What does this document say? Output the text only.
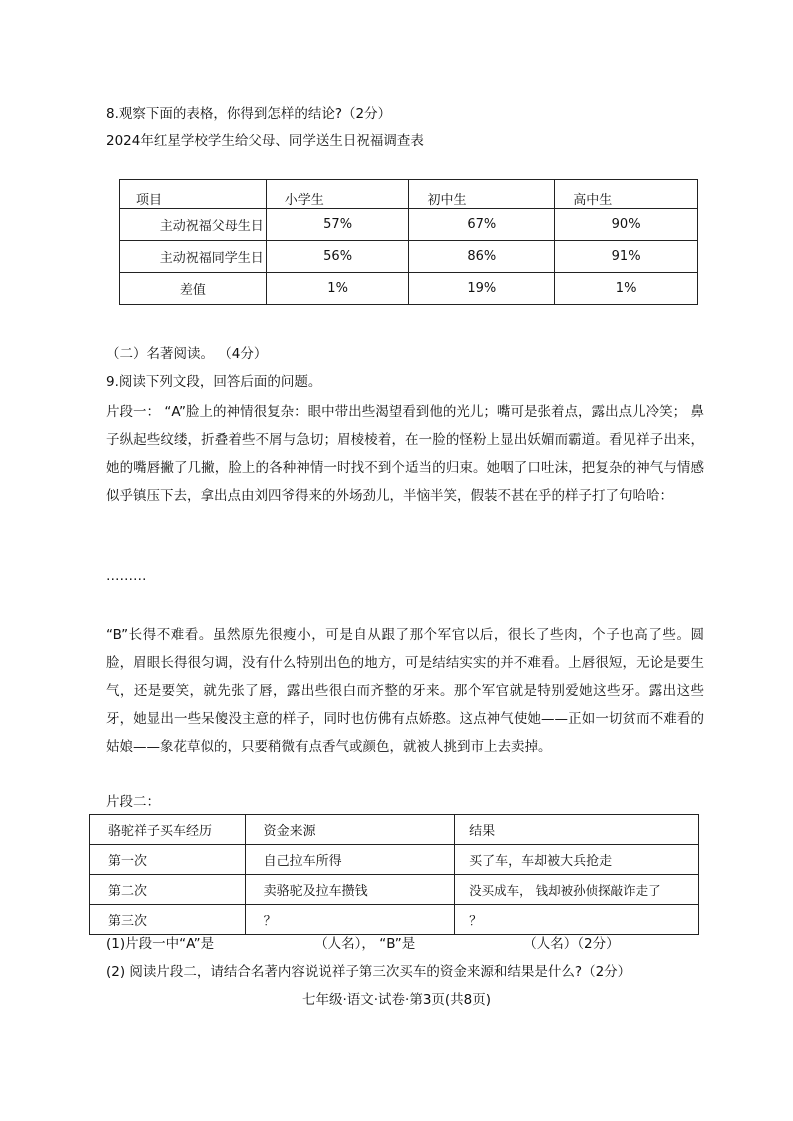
8.观察下面的表格，你得到怎样的结论?（2分）
2024年红星学校学生给父母、同学送生日祝福调查表
项目	小学生	初中生	高中生
主动祝福父母生日	57%	67%	90%
主动祝福同学生日	56%	86%	91%
差值	1%	19%	1%
（二）名著阅读。 （4分）
9.阅读下列文段，回答后面的问题。
片段一： “A”脸上的神情很复杂：眼中带出些渴望看到他的光儿；嘴可是张着点，露出点儿冷笑； 鼻子纵起些纹缕，折叠着些不屑与急切；眉棱棱着，在一脸的怪粉上显出妖媚而霸道。看见祥子出来，她的嘴唇撇了几撇，脸上的各种神情一时找不到个适当的归束。她咽了口吐沫，把复杂的神气与情感似乎镇压下去，拿出点由刘四爷得来的外场劲儿，半恼半笑，假装不甚在乎的样子打了句哈哈：
………
“B”长得不难看。虽然原先很瘦小，可是自从跟了那个军官以后，很长了些肉，个子也高了些。圆脸，眉眼长得很匀调，没有什么特别出色的地方，可是结结实实的并不难看。上唇很短，无论是要生气，还是要笑，就先张了唇，露出些很白而齐整的牙来。那个军官就是特别爱她这些牙。露出这些牙，她显出一些呆傻没主意的样子，同时也仿佛有点娇憨。这点神气使她——正如一切贫而不难看的姑娘——象花草似的，只要稍微有点香气或颜色，就被人挑到市上去卖掉。
片段二：
骆驼祥子买车经历	资金来源	结果
第一次	自己拉车所得	买了车，车却被大兵抢走
第二次	卖骆驼及拉车攒钱	没买成车， 钱却被孙侦探敲诈走了
第三次	？	？
(1)片段一中“A”是	（人名）， “B”是	（人名）（2分）
(2) 阅读片段二，请结合名著内容说说祥子第三次买车的资金来源和结果是什么?（2分）
七年级·语文·试卷·第3页(共8页)
